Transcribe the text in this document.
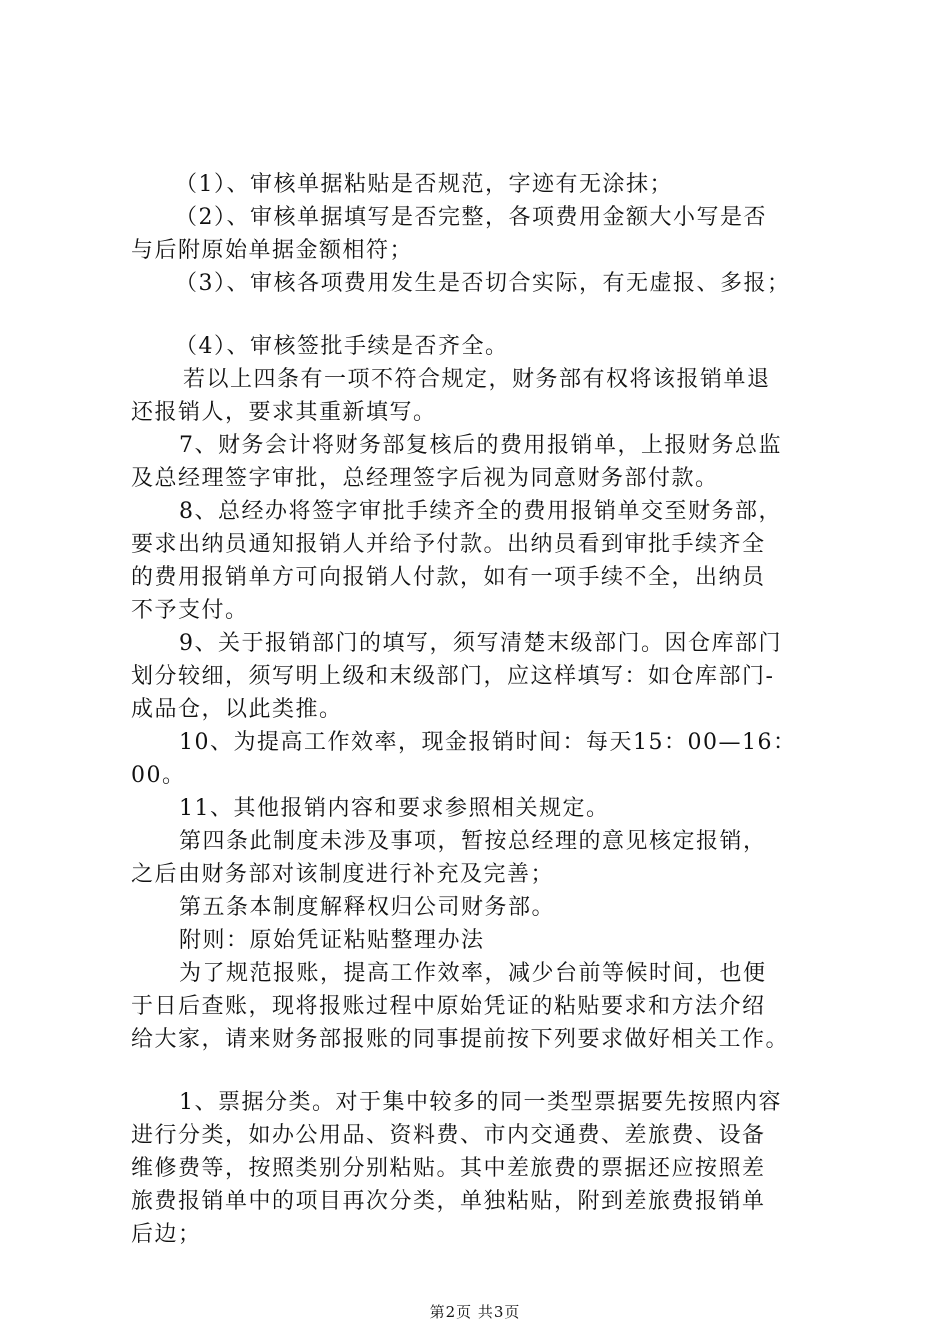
（1）、审核单据粘贴是否规范，字迹有无涂抹；
（2）、审核单据填写是否完整，各项费用金额大小写是否
与后附原始单据金额相符；
（3）、审核各项费用发生是否切合实际，有无虚报、多报；
（4）、审核签批手续是否齐全。
若以上四条有一项不符合规定，财务部有权将该报销单退
还报销人，要求其重新填写。
7、财务会计将财务部复核后的费用报销单，上报财务总监
及总经理签字审批，总经理签字后视为同意财务部付款。
8、总经办将签字审批手续齐全的费用报销单交至财务部，
要求出纳员通知报销人并给予付款。出纳员看到审批手续齐全
的费用报销单方可向报销人付款，如有一项手续不全，出纳员
不予支付。
9、关于报销部门的填写，须写清楚末级部门。因仓库部门
划分较细，须写明上级和末级部门，应这样填写：如仓库部门-
成品仓，以此类推。
10、为提高工作效率，现金报销时间：每天15：00—16：
00。
11、其他报销内容和要求参照相关规定。
第四条此制度未涉及事项，暂按总经理的意见核定报销，
之后由财务部对该制度进行补充及完善；
第五条本制度解释权归公司财务部。
附则：原始凭证粘贴整理办法
为了规范报账，提高工作效率，减少台前等候时间，也便
于日后查账，现将报账过程中原始凭证的粘贴要求和方法介绍
给大家，请来财务部报账的同事提前按下列要求做好相关工作。
1、票据分类。对于集中较多的同一类型票据要先按照内容
进行分类，如办公用品、资料费、市内交通费、差旅费、设备
维修费等，按照类别分别粘贴。其中差旅费的票据还应按照差
旅费报销单中的项目再次分类，单独粘贴，附到差旅费报销单
后边；
第2页 共3页
